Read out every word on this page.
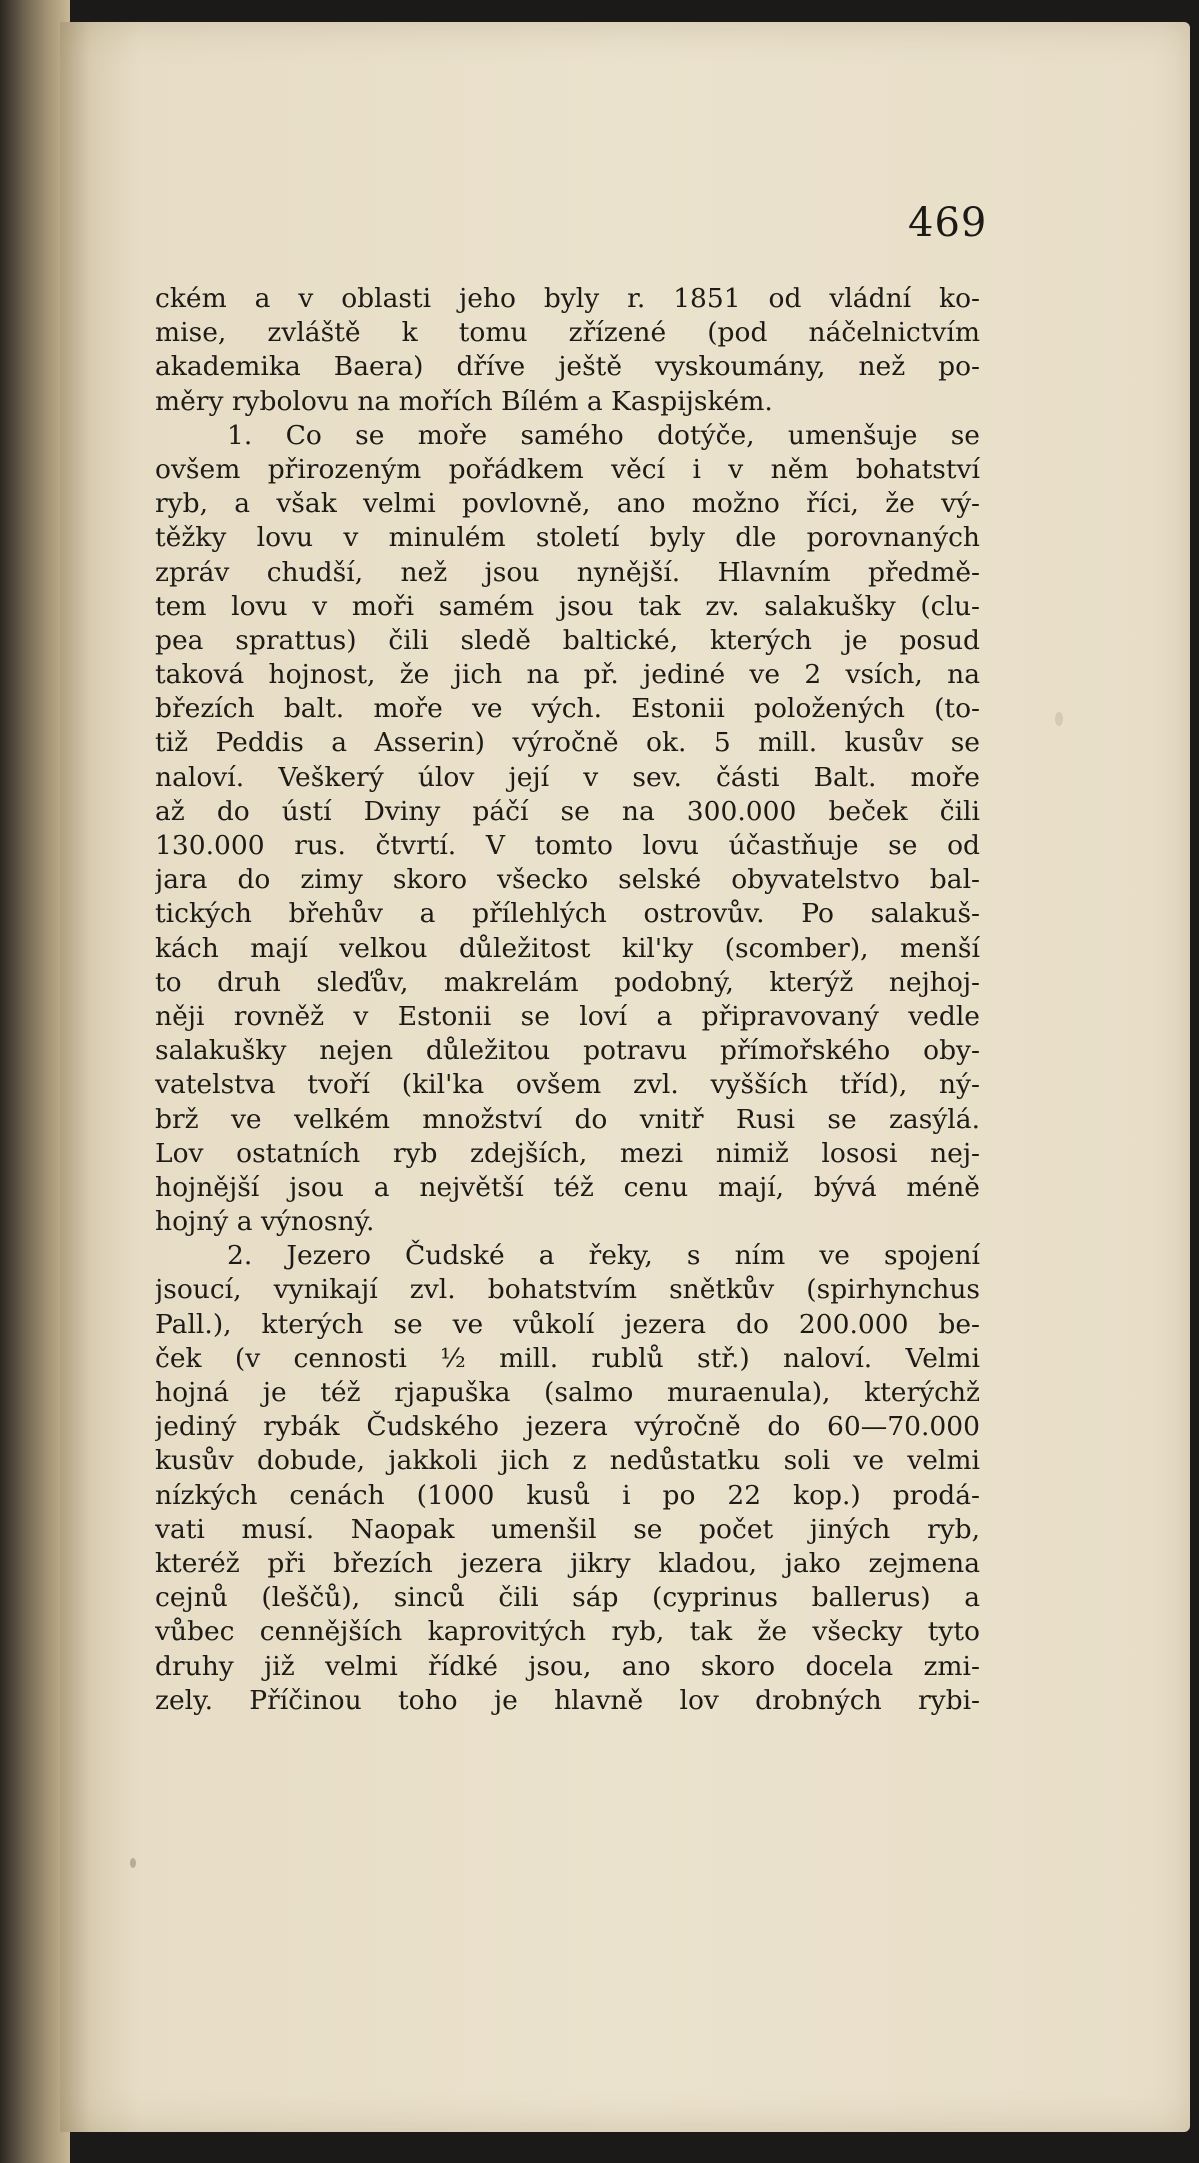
469
ckém a v oblasti jeho byly r. 1851 od vládní ko-
mise, zvláště k tomu zřízené (pod náčelnictvím
akademika Baera) dříve ještě vyskoumány, než po-
měry rybolovu na mořích Bílém a Kaspijském.
1. Co se moře samého dotýče, umenšuje se
ovšem přirozeným pořádkem věcí i v něm bohatství
ryb, a však velmi povlovně, ano možno říci, že vý-
těžky lovu v minulém století byly dle porovnaných
zpráv chudší, než jsou nynější. Hlavním předmě-
tem lovu v moři samém jsou tak zv. salakušky (clu-
pea sprattus) čili sledě baltické, kterých je posud
taková hojnost, že jich na př. jediné ve 2 vsích, na
březích balt. moře ve vých. Estonii položených (to-
tiž Peddis a Asserin) výročně ok. 5 mill. kusův se
naloví. Veškerý úlov její v sev. části Balt. moře
až do ústí Dviny páčí se na 300.000 beček čili
130.000 rus. čtvrtí. V tomto lovu účastňuje se od
jara do zimy skoro všecko selské obyvatelstvo bal-
tických břehův a přílehlých ostrovův. Po salakuš-
kách mají velkou důležitost kil'ky (scomber), menší
to druh sleďův, makrelám podobný, kterýž nejhoj-
něji rovněž v Estonii se loví a připravovaný vedle
salakušky nejen důležitou potravu přímořského oby-
vatelstva tvoří (kil'ka ovšem zvl. vyšších tříd), ný-
brž ve velkém množství do vnitř Rusi se zasýlá.
Lov ostatních ryb zdejších, mezi nimiž lososi nej-
hojnější jsou a největší též cenu mají, bývá méně
hojný a výnosný.
2. Jezero Čudské a řeky, s ním ve spojení
jsoucí, vynikají zvl. bohatstvím snětkův (spirhynchus
Pall.), kterých se ve vůkolí jezera do 200.000 be-
ček (v cennosti ½ mill. rublů stř.) naloví. Velmi
hojná je též rjapuška (salmo muraenula), kterýchž
jediný rybák Čudského jezera výročně do 60—70.000
kusův dobude, jakkoli jich z nedůstatku soli ve velmi
nízkých cenách (1000 kusů i po 22 kop.) prodá-
vati musí. Naopak umenšil se počet jiných ryb,
kteréž při březích jezera jikry kladou, jako zejmena
cejnů (leščů), sinců čili sáp (cyprinus ballerus) a
vůbec cennějších kaprovitých ryb, tak že všecky tyto
druhy již velmi řídké jsou, ano skoro docela zmi-
zely. Příčinou toho je hlavně lov drobných rybi-
